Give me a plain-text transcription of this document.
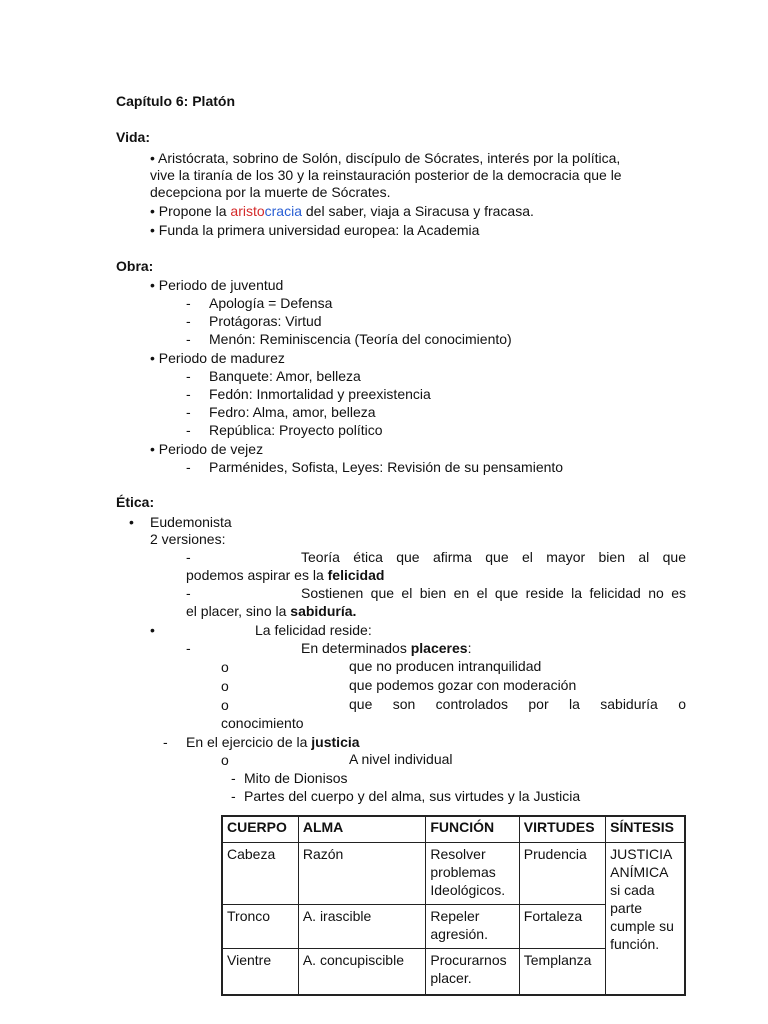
Capítulo 6: Platón
Vida:
• Aristócrata, sobrino de Solón, discípulo de Sócrates, interés por la política,
vive la tiranía de los 30 y la reinstauración posterior de la democracia que le
decepciona por la muerte de Sócrates.
• Propone la aristocracia del saber, viaja a Siracusa y fracasa.
• Funda la primera universidad europea: la Academia
Obra:
• Periodo de juventud
- Apología = Defensa
- Protágoras: Virtud
- Menón: Reminiscencia (Teoría del conocimiento)
• Periodo de madurez
- Banquete: Amor, belleza
- Fedón: Inmortalidad y preexistencia
- Fedro: Alma, amor, belleza
- República: Proyecto político
• Periodo de vejez
- Parménides, Sofista, Leyes: Revisión de su pensamiento
Ética:
• Eudemonista
2 versiones:
-	Teoría ética que afirma que el mayor bien al que
podemos aspirar es la felicidad
-	Sostienen que el bien en el que reside la felicidad no es
el placer, sino la sabiduría.
•	La felicidad reside:
-	En determinados placeres:
o	que no producen intranquilidad
o	que podemos gozar con moderación
o	que son controlados por la sabiduría o
conocimiento
- En el ejercicio de la justicia
o	A nivel individual
- Mito de Dionisos
- Partes del cuerpo y del alma, sus virtudes y la Justicia
CUERPO	ALMA	FUNCIÓN	VIRTUDES	SÍNTESIS
Cabeza	Razón	Resolver problemas Ideológicos.	Prudencia	JUSTICIA ANÍMICA si cada parte cumple su función.
Tronco	A. irascible	Repeler agresión.	Fortaleza	
Vientre	A. concupiscible	Procurarnos placer.	Templanza	
